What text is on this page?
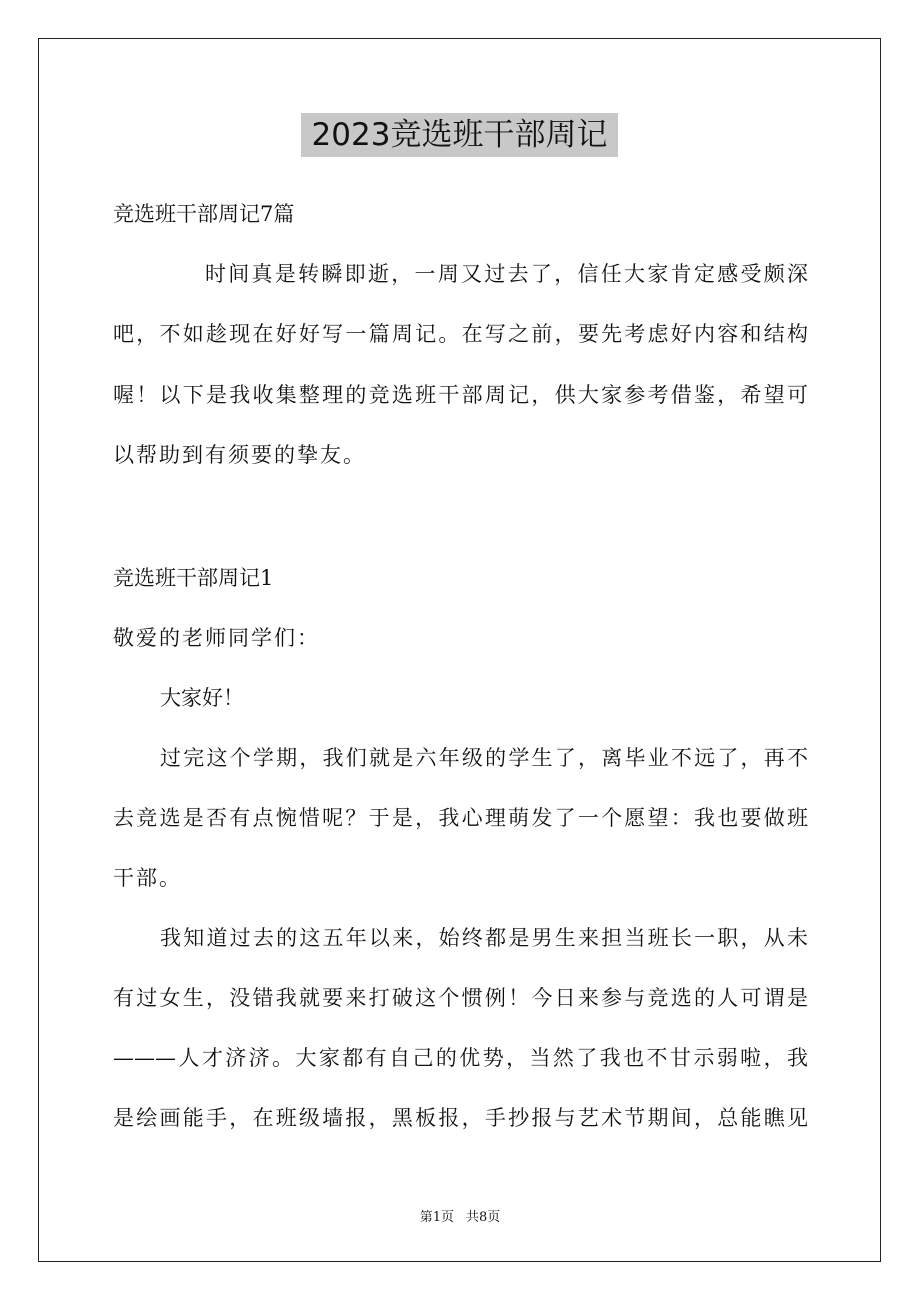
2023竞选班干部周记
竞选班干部周记7篇
时间真是转瞬即逝，一周又过去了，信任大家肯定感受颇深
吧，不如趁现在好好写一篇周记。在写之前，要先考虑好内容和结构
喔！以下是我收集整理的竞选班干部周记，供大家参考借鉴，希望可
以帮助到有须要的挚友。
竞选班干部周记1
敬爱的老师同学们：
大家好！
过完这个学期，我们就是六年级的学生了，离毕业不远了，再不
去竞选是否有点惋惜呢？于是，我心理萌发了一个愿望：我也要做班
干部。
我知道过去的这五年以来，始终都是男生来担当班长一职，从未
有过女生，没错我就要来打破这个惯例！今日来参与竞选的人可谓是
———人才济济。大家都有自己的优势，当然了我也不甘示弱啦，我
是绘画能手，在班级墙报，黑板报，手抄报与艺术节期间，总能瞧见
第1页 共8页
